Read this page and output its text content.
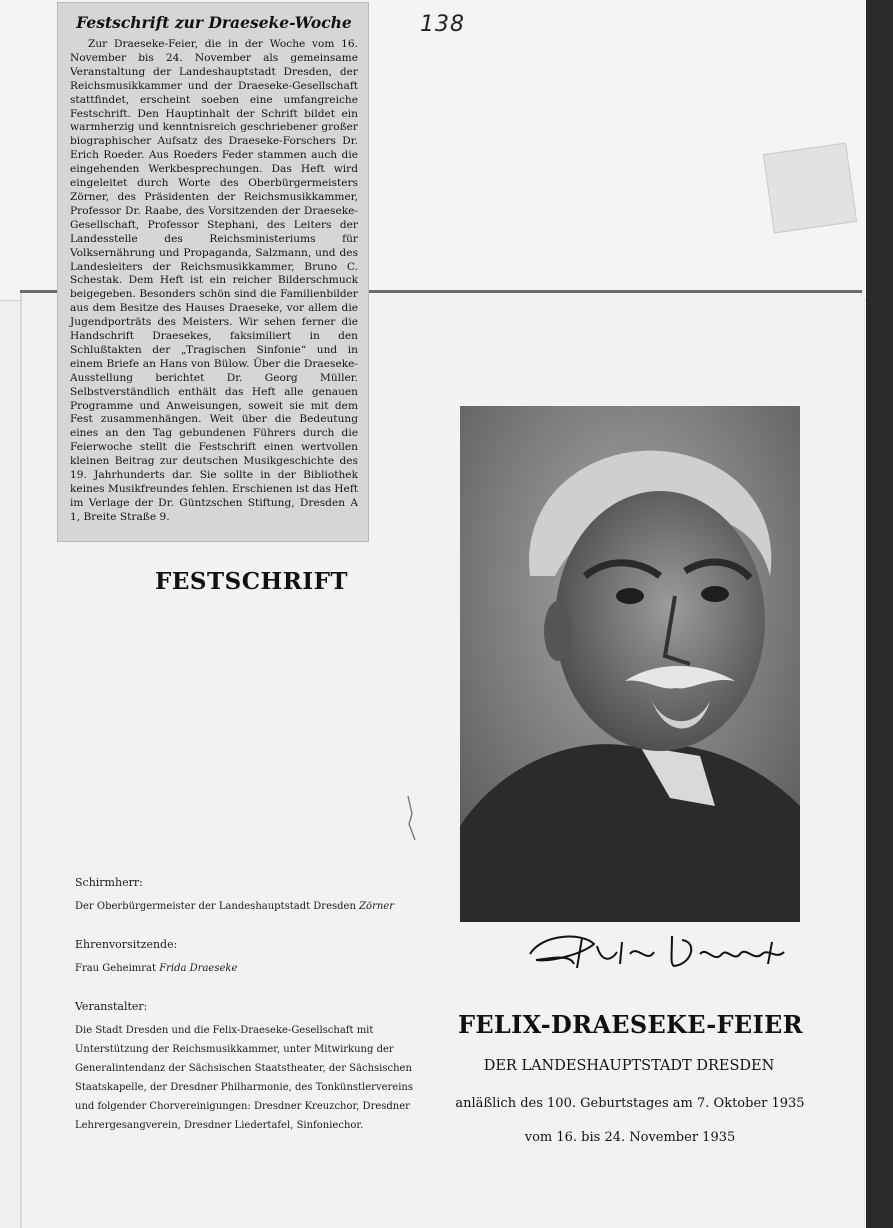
138
Festschrift zur Draeseke-Woche
Zur Draeseke-Feier, die in der Woche vom 16. November bis 24. November als gemeinsame Veranstaltung der Landeshauptstadt Dresden, der Reichsmusikkammer und der Draeseke-Gesellschaft stattfindet, erscheint soeben eine umfangreiche Festschrift. Den Hauptinhalt der Schrift bildet ein warmherzig und kenntnisreich geschriebener großer biographischer Aufsatz des Draeseke-Forschers Dr. Erich Roeder. Aus Roeders Feder stammen auch die eingehenden Werkbesprechungen. Das Heft wird eingeleitet durch Worte des Oberbürgermeisters Zörner, des Präsidenten der Reichsmusikkammer, Professor Dr. Raabe, des Vorsitzenden der Draeseke-Gesellschaft, Professor Stephani, des Leiters der Landesstelle des Reichsministeriums für Volksernährung und Propaganda, Salzmann, und des Landesleiters der Reichsmusikkammer, Bruno C. Schestak. Dem Heft ist ein reicher Bilderschmuck beigegeben. Besonders schön sind die Familienbilder aus dem Besitze des Hauses Draeseke, vor allem die Jugendporträts des Meisters. Wir sehen ferner die Handschrift Draesekes, faksimiliert in den Schlußtakten der „Tragischen Sinfonie“ und in einem Briefe an Hans von Bülow. Über die Draeseke-Ausstellung berichtet Dr. Georg Müller. Selbstverständlich enthält das Heft alle genauen Programme und Anweisungen, soweit sie mit dem Fest zusammenhängen. Weit über die Bedeutung eines an den Tag gebundenen Führers durch die Feierwoche stellt die Festschrift einen wertvollen kleinen Beitrag zur deutschen Musikgeschichte des 19. Jahrhunderts dar. Sie sollte in der Bibliothek keines Musikfreundes fehlen. Erschienen ist das Heft im Verlage der Dr. Güntzschen Stiftung, Dresden A 1, Breite Straße 9.
FESTSCHRIFT

Schirmherr:

Der Oberbürgermeister der Landeshauptstadt Dresden Zörner

Ehrenvorsitzende:

Frau Geheimrat Frida Draeseke

Veranstalter:

Die Stadt Dresden und die Felix-Draeseke-Gesellschaft mit Unterstützung der Reichsmusikkammer, unter Mitwirkung der Generalintendanz der Sächsischen Staatstheater, der Sächsischen Staatskapelle, der Dresdner Philharmonie, des Tonkünstlervereins und folgender Chorvereinigungen: Dresdner Kreuzchor, Dresdner Lehrergesangverein, Dresdner Liedertafel, Sinfoniechor.

FELIX-DRAESEKE-FEIER
DER LANDESHAUPTSTADT DRESDEN
anläßlich des 100. Geburtstages am 7. Oktober 1935
vom 16. bis 24. November 1935
